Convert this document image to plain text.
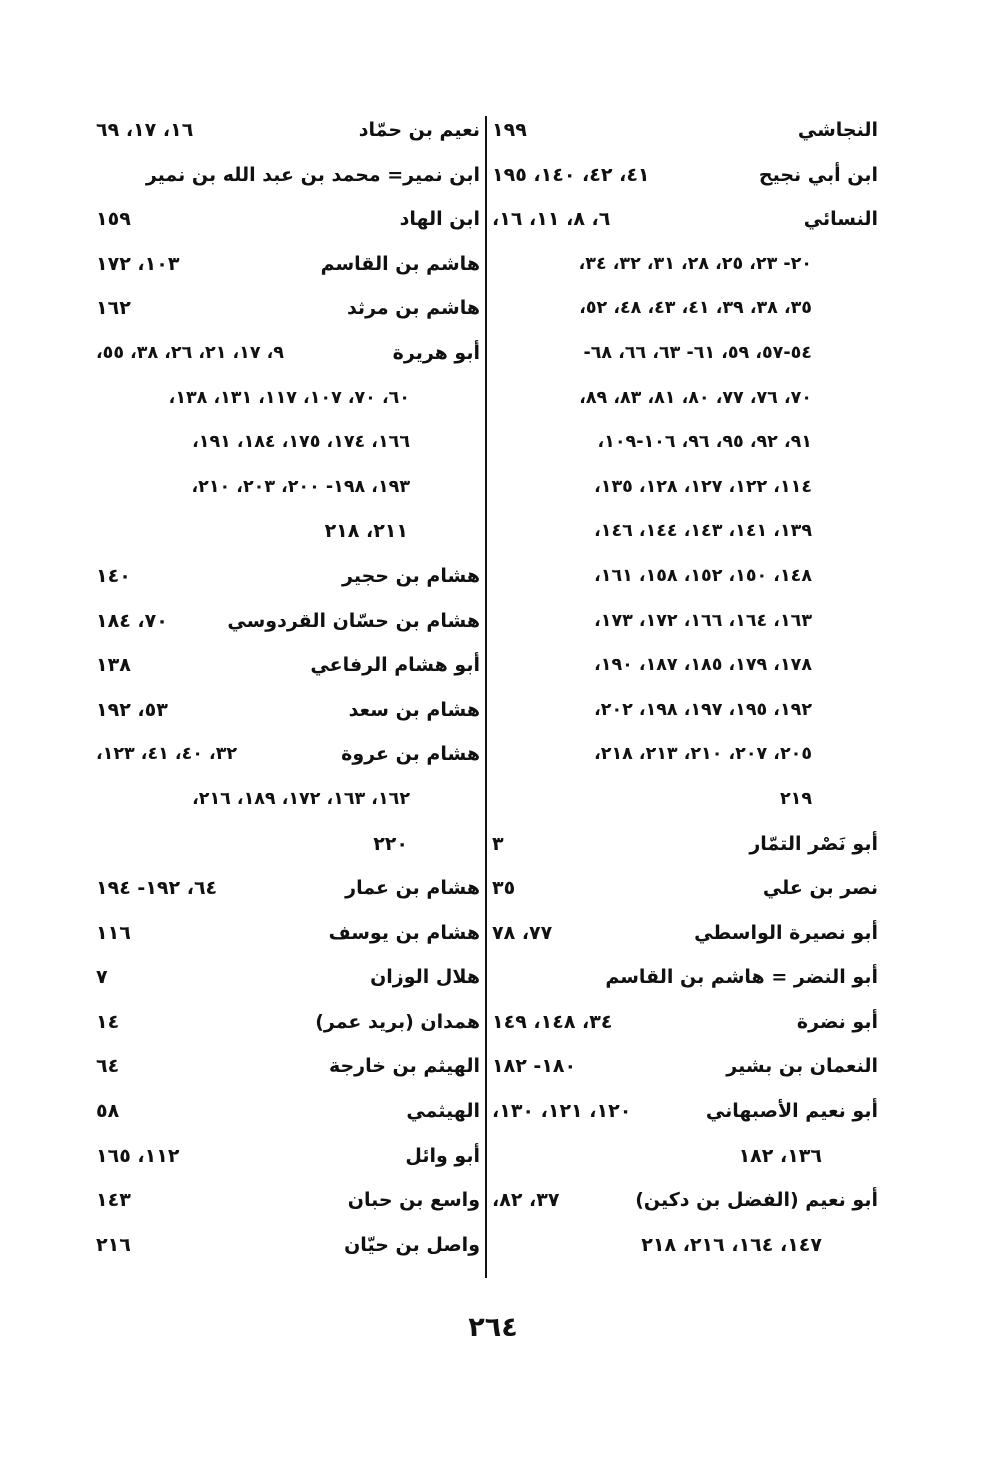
النجاشي
١٩٩
ابن أبي نجيح
٤١، ٤٢، ١٤٠، ١٩٥
النسائي
٦، ٨، ١١، ١٦،
٢٠- ٢٣، ٢٥، ٢٨، ٣١، ٣٢، ٣٤،
٣٥، ٣٨، ٣٩، ٤١، ٤٣، ٤٨، ٥٢،
٥٤-٥٧، ٥٩، ٦١- ٦٣، ٦٦، ٦٨-
٧٠، ٧٦، ٧٧، ٨٠، ٨١، ٨٣، ٨٩،
٩١، ٩٢، ٩٥، ٩٦، ١٠٦-١٠٩،
١١٤، ١٢٢، ١٢٧، ١٢٨، ١٣٥،
١٣٩، ١٤١، ١٤٣، ١٤٤، ١٤٦،
١٤٨، ١٥٠، ١٥٢، ١٥٨، ١٦١،
١٦٣، ١٦٤، ١٦٦، ١٧٢، ١٧٣،
١٧٨، ١٧٩، ١٨٥، ١٨٧، ١٩٠،
١٩٢، ١٩٥، ١٩٧، ١٩٨، ٢٠٢،
٢٠٥، ٢٠٧، ٢١٠، ٢١٣، ٢١٨،
٢١٩
أبو نَصْر التمّار
٣
نصر بن علي
٣٥
أبو نصيرة الواسطي
٧٧، ٧٨
أبو النضر = هاشم بن القاسم
أبو نضرة
٣٤، ١٤٨، ١٤٩
النعمان بن بشير
١٨٠- ١٨٢
أبو نعيم الأصبهاني
١٢٠، ١٢١، ١٣٠،
١٣٦، ١٨٢
أبو نعيم (الفضل بن دكين)
٣٧، ٨٢،
١٤٧، ١٦٤، ٢١٦، ٢١٨
نعيم بن حمّاد
١٦، ١٧، ٦٩
ابن نمير= محمد بن عبد الله بن نمير
ابن الهاد
١٥٩
هاشم بن القاسم
١٠٣، ١٧٢
هاشم بن مرثد
١٦٢
أبو هريرة
٩، ١٧، ٢١، ٢٦، ٣٨، ٥٥،
٦٠، ٧٠، ١٠٧، ١١٧، ١٣١، ١٣٨،
١٦٦، ١٧٤، ١٧٥، ١٨٤، ١٩١،
١٩٣، ١٩٨- ٢٠٠، ٢٠٣، ٢١٠،
٢١١، ٢١٨
هشام بن حجير
١٤٠
هشام بن حسّان القردوسي
٧٠، ١٨٤
أبو هشام الرفاعي
١٣٨
هشام بن سعد
٥٣، ١٩٢
هشام بن عروة
٣٢، ٤٠، ٤١، ١٢٣،
١٦٢، ١٦٣، ١٧٢، ١٨٩، ٢١٦،
٢٢٠
هشام بن عمار
٦٤، ١٩٢- ١٩٤
هشام بن يوسف
١١٦
هلال الوزان
٧
همدان (بريد عمر)
١٤
الهيثم بن خارجة
٦٤
الهيثمي
٥٨
أبو وائل
١١٢، ١٦٥
واسع بن حبان
١٤٣
واصل بن حيّان
٢١٦
٢٦٤
